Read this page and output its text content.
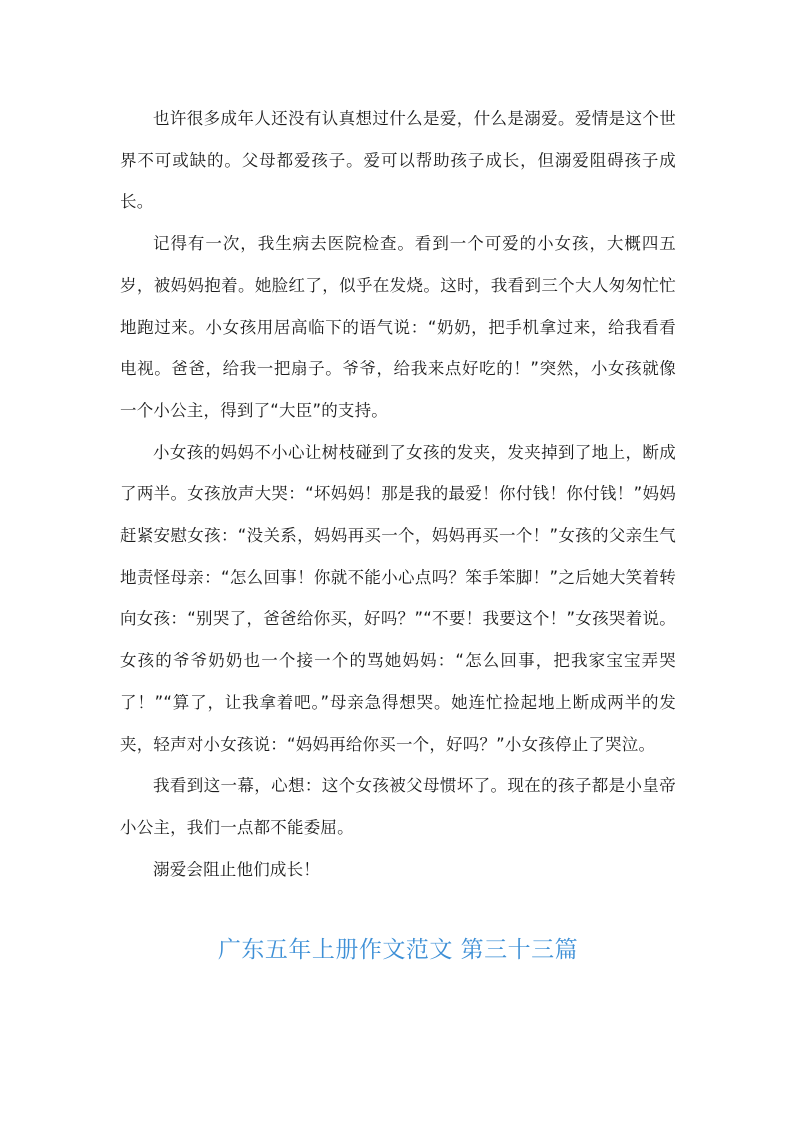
也许很多成年人还没有认真想过什么是爱，什么是溺爱。爱情是这个世界不可或缺的。父母都爱孩子。爱可以帮助孩子成长，但溺爱阻碍孩子成长。

记得有一次，我生病去医院检查。看到一个可爱的小女孩，大概四五岁，被妈妈抱着。她脸红了，似乎在发烧。这时，我看到三个大人匆匆忙忙地跑过来。小女孩用居高临下的语气说：“奶奶，把手机拿过来，给我看看电视。爸爸，给我一把扇子。爷爷，给我来点好吃的！”突然，小女孩就像一个小公主，得到了“大臣”的支持。

小女孩的妈妈不小心让树枝碰到了女孩的发夹，发夹掉到了地上，断成了两半。女孩放声大哭：“坏妈妈！那是我的最爱！你付钱！你付钱！”妈妈赶紧安慰女孩：“没关系，妈妈再买一个，妈妈再买一个！”女孩的父亲生气地责怪母亲：“怎么回事！你就不能小心点吗？笨手笨脚！”之后她大笑着转向女孩：“别哭了，爸爸给你买，好吗？”“不要！我要这个！”女孩哭着说。女孩的爷爷奶奶也一个接一个的骂她妈妈：“怎么回事，把我家宝宝弄哭了！”“算了，让我拿着吧。”母亲急得想哭。她连忙捡起地上断成两半的发夹，轻声对小女孩说：“妈妈再给你买一个，好吗？”小女孩停止了哭泣。

我看到这一幕，心想：这个女孩被父母惯坏了。现在的孩子都是小皇帝小公主，我们一点都不能委屈。

溺爱会阻止他们成长！

广东五年上册作文范文 第三十三篇
